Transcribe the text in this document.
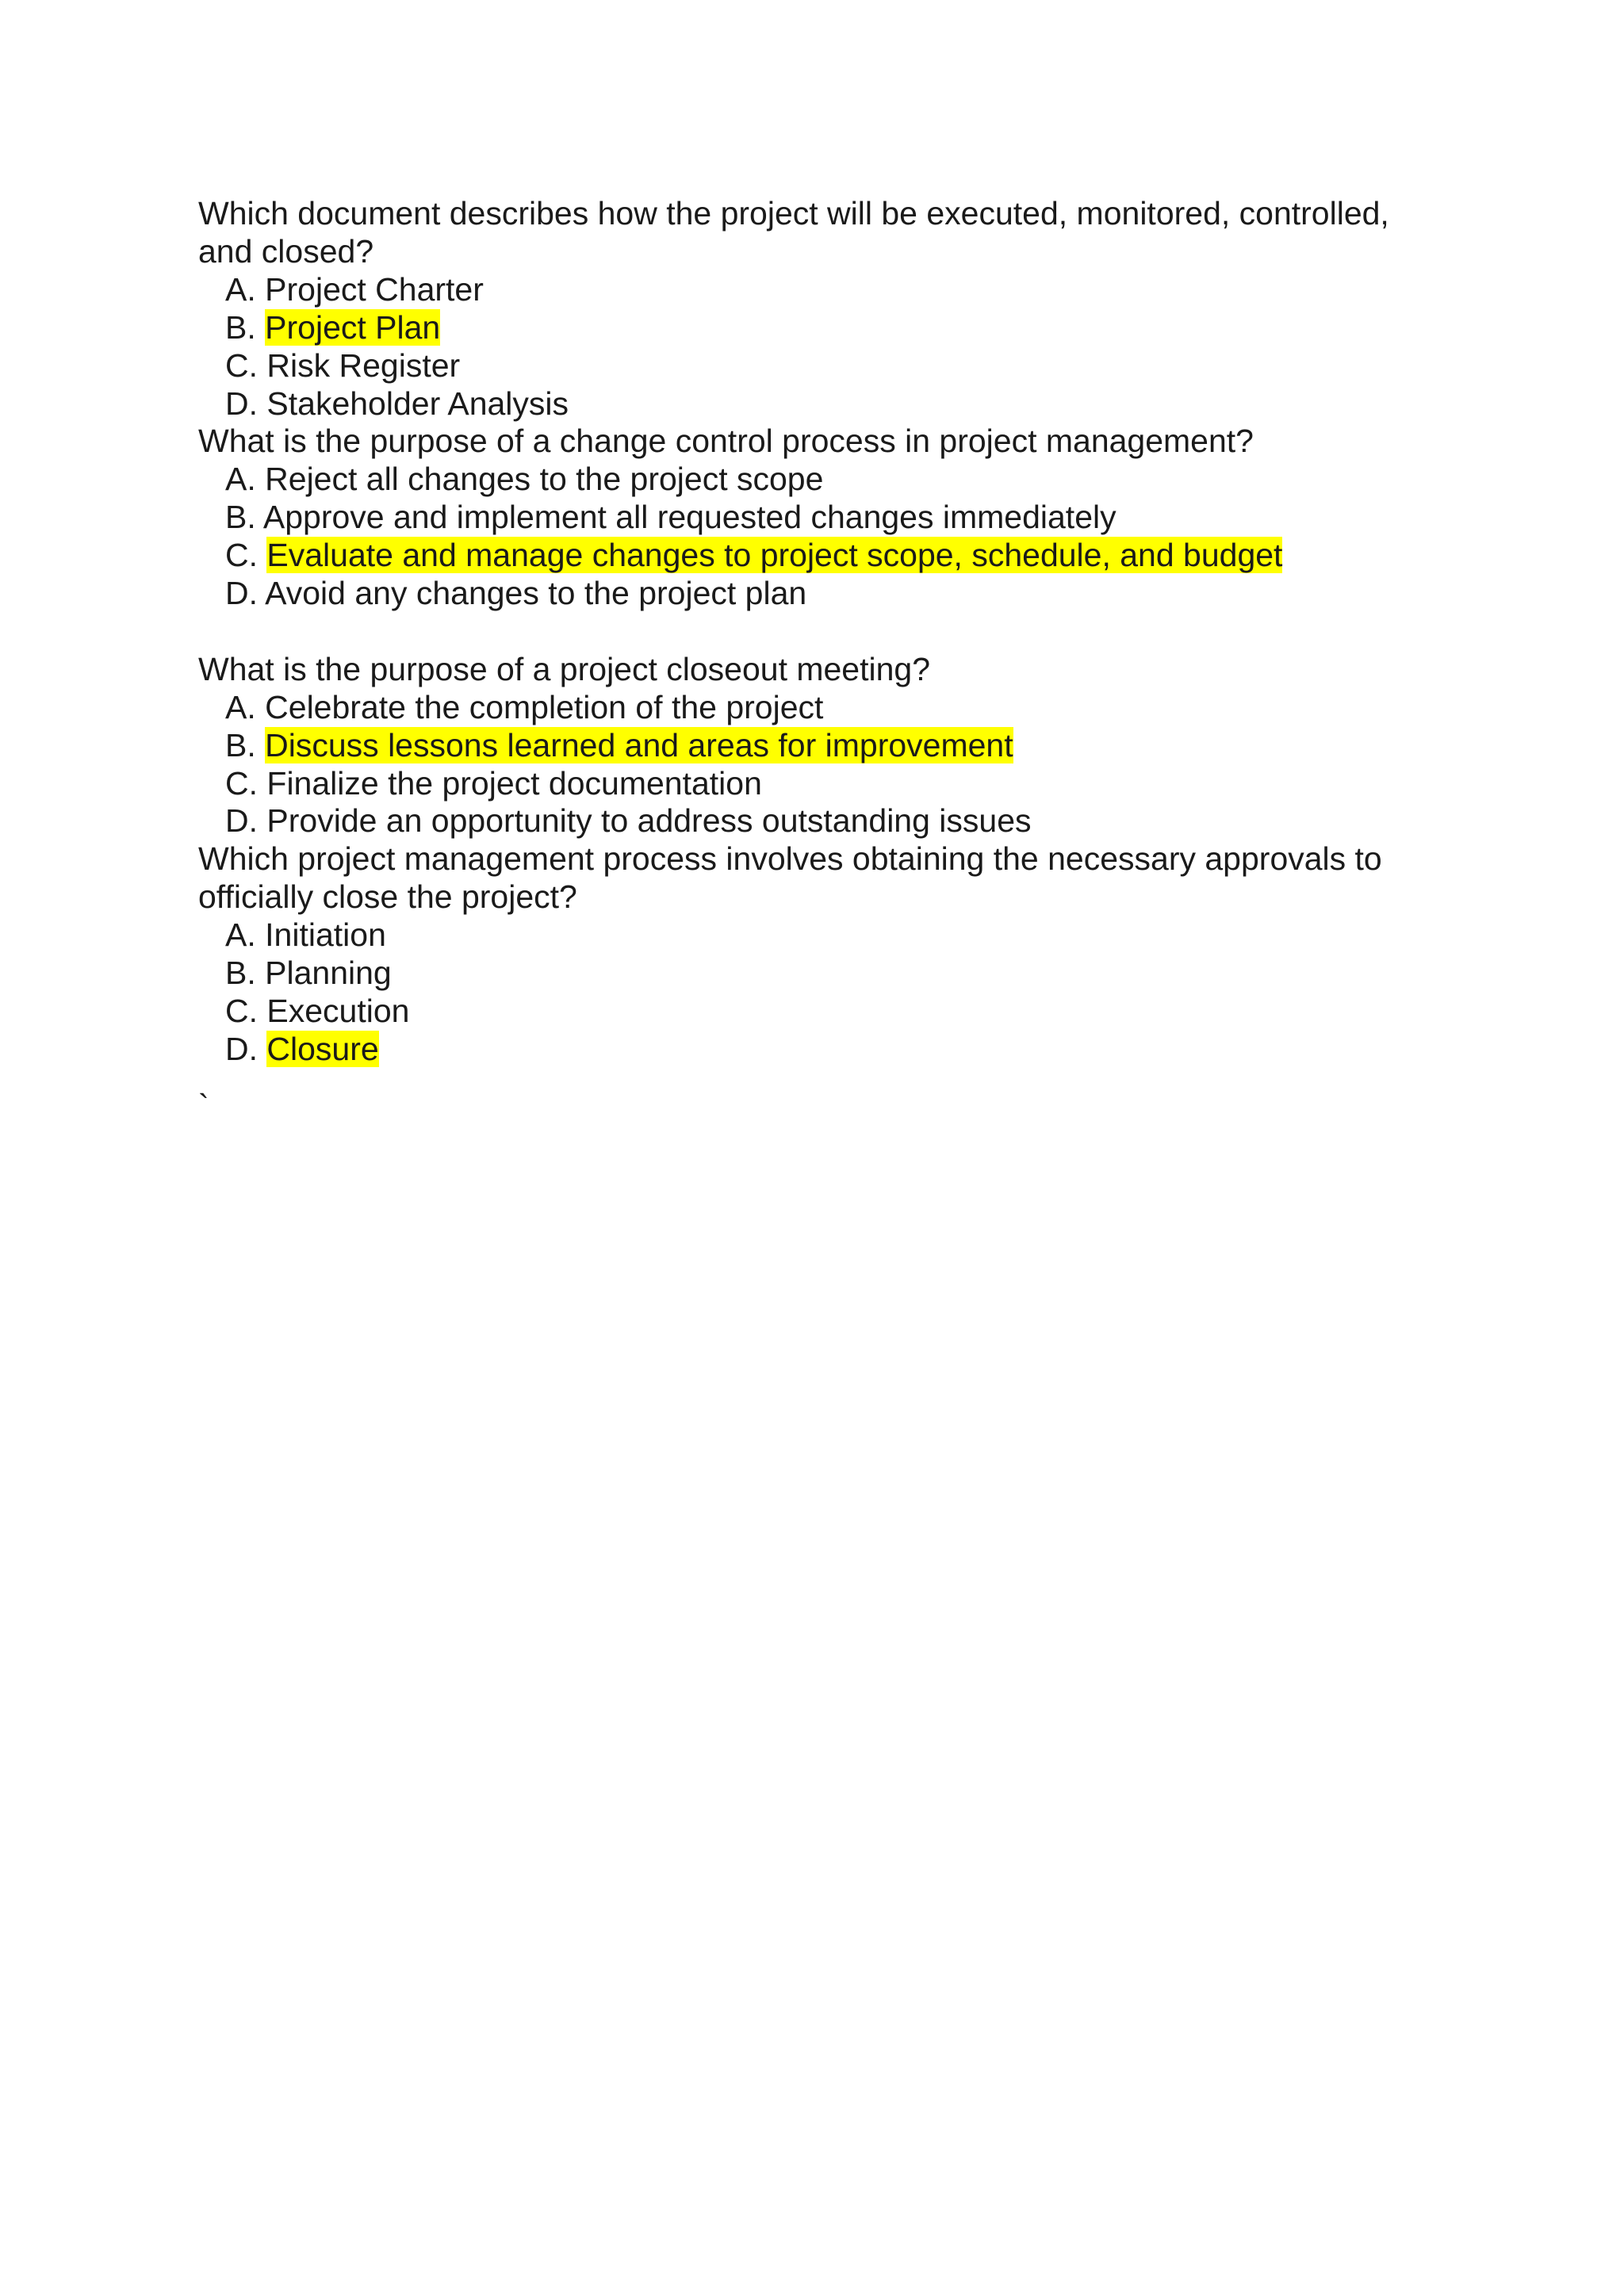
Which document describes how the project will be executed, monitored, controlled, and closed?
A. Project Charter
B. Project Plan
C. Risk Register
D. Stakeholder Analysis
What is the purpose of a change control process in project management?
A. Reject all changes to the project scope
B. Approve and implement all requested changes immediately
C. Evaluate and manage changes to project scope, schedule, and budget
D. Avoid any changes to the project plan
What is the purpose of a project closeout meeting?
A. Celebrate the completion of the project
B. Discuss lessons learned and areas for improvement
C. Finalize the project documentation
D. Provide an opportunity to address outstanding issues
Which project management process involves obtaining the necessary approvals to officially close the project?
A. Initiation
B. Planning
C. Execution
D. Closure
`
